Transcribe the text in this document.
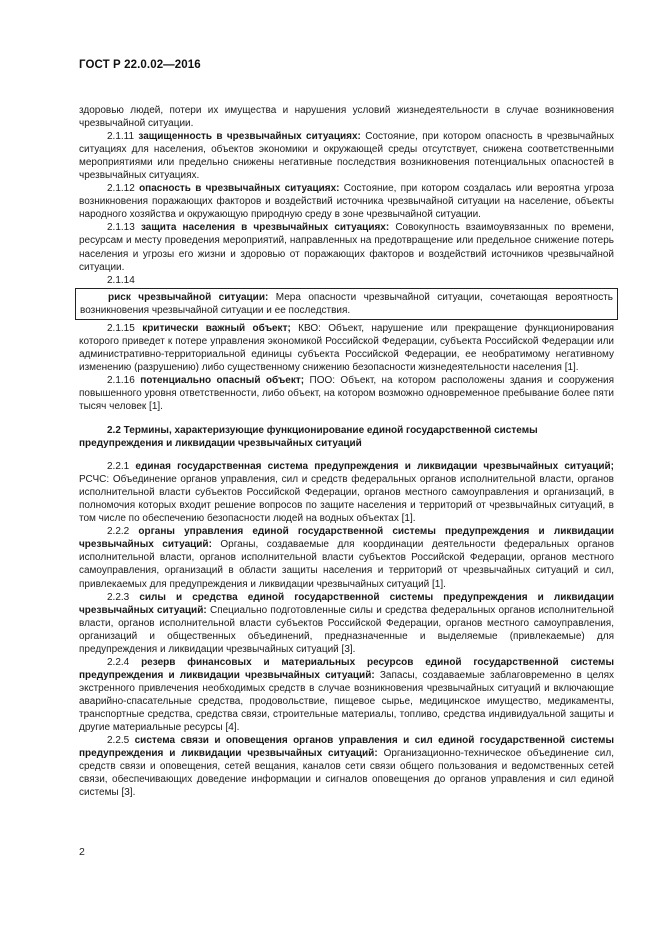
ГОСТ Р 22.0.02—2016

здоровью людей, потери их имущества и нарушения условий жизнедеятельности в случае возникновения чрезвычайной ситуации.

2.1.11 защищенность в чрезвычайных ситуациях: Состояние, при котором опасность в чрезвычайных ситуациях для населения, объектов экономики и окружающей среды отсутствует, снижена соответственными мероприятиями или предельно снижены негативные последствия возникновения потенциальных опасностей в чрезвычайных ситуациях.

2.1.12 опасность в чрезвычайных ситуациях: Состояние, при котором создалась или вероятна угроза возникновения поражающих факторов и воздействий источника чрезвычайной ситуации на население, объекты народного хозяйства и окружающую природную среду в зоне чрезвычайной ситуации.

2.1.13 защита населения в чрезвычайных ситуациях: Совокупность взаимоувязанных по времени, ресурсам и месту проведения мероприятий, направленных на предотвращение или предельное снижение потерь населения и угрозы его жизни и здоровью от поражающих факторов и воздействий источников чрезвычайной ситуации.

2.1.14

риск чрезвычайной ситуации: Мера опасности чрезвычайной ситуации, сочетающая вероятность возникновения чрезвычайной ситуации и ее последствия.

2.1.15 критически важный объект; КВО: Объект, нарушение или прекращение функционирования которого приведет к потере управления экономикой Российской Федерации, субъекта Российской Федерации или административно-территориальной единицы субъекта Российской Федерации, ее необратимому негативному изменению (разрушению) либо существенному снижению безопасности жизнедеятельности населения [1].

2.1.16 потенциально опасный объект; ПОО: Объект, на котором расположены здания и сооружения повышенного уровня ответственности, либо объект, на котором возможно одновременное пребывание более пяти тысяч человек [1].

2.2 Термины, характеризующие функционирование единой государственной системы предупреждения и ликвидации чрезвычайных ситуаций

2.2.1 единая государственная система предупреждения и ликвидации чрезвычайных ситуаций; РСЧС: Объединение органов управления, сил и средств федеральных органов исполнительной власти, органов исполнительной власти субъектов Российской Федерации, органов местного самоуправления и организаций, в полномочия которых входит решение вопросов по защите населения и территорий от чрезвычайных ситуаций, в том числе по обеспечению безопасности людей на водных объектах [1].

2.2.2 органы управления единой государственной системы предупреждения и ликвидации чрезвычайных ситуаций: Органы, создаваемые для координации деятельности федеральных органов исполнительной власти, органов исполнительной власти субъектов Российской Федерации, органов местного самоуправления, организаций в области защиты населения и территорий от чрезвычайных ситуаций и сил, привлекаемых для предупреждения и ликвидации чрезвычайных ситуаций [1].

2.2.3 силы и средства единой государственной системы предупреждения и ликвидации чрезвычайных ситуаций: Специально подготовленные силы и средства федеральных органов исполнительной власти, органов исполнительной власти субъектов Российской Федерации, органов местного самоуправления, организаций и общественных объединений, предназначенные и выделяемые (привлекаемые) для предупреждения и ликвидации чрезвычайных ситуаций [3].

2.2.4 резерв финансовых и материальных ресурсов единой государственной системы предупреждения и ликвидации чрезвычайных ситуаций: Запасы, создаваемые заблаговременно в целях экстренного привлечения необходимых средств в случае возникновения чрезвычайных ситуаций и включающие аварийно-спасательные средства, продовольствие, пищевое сырье, медицинское имущество, медикаменты, транспортные средства, средства связи, строительные материалы, топливо, средства индивидуальной защиты и другие материальные ресурсы [4].

2.2.5 система связи и оповещения органов управления и сил единой государственной системы предупреждения и ликвидации чрезвычайных ситуаций: Организационно-техническое объединение сил, средств связи и оповещения, сетей вещания, каналов сети связи общего пользования и ведомственных сетей связи, обеспечивающих доведение информации и сигналов оповещения до органов управления и сил единой системы [3].

2
